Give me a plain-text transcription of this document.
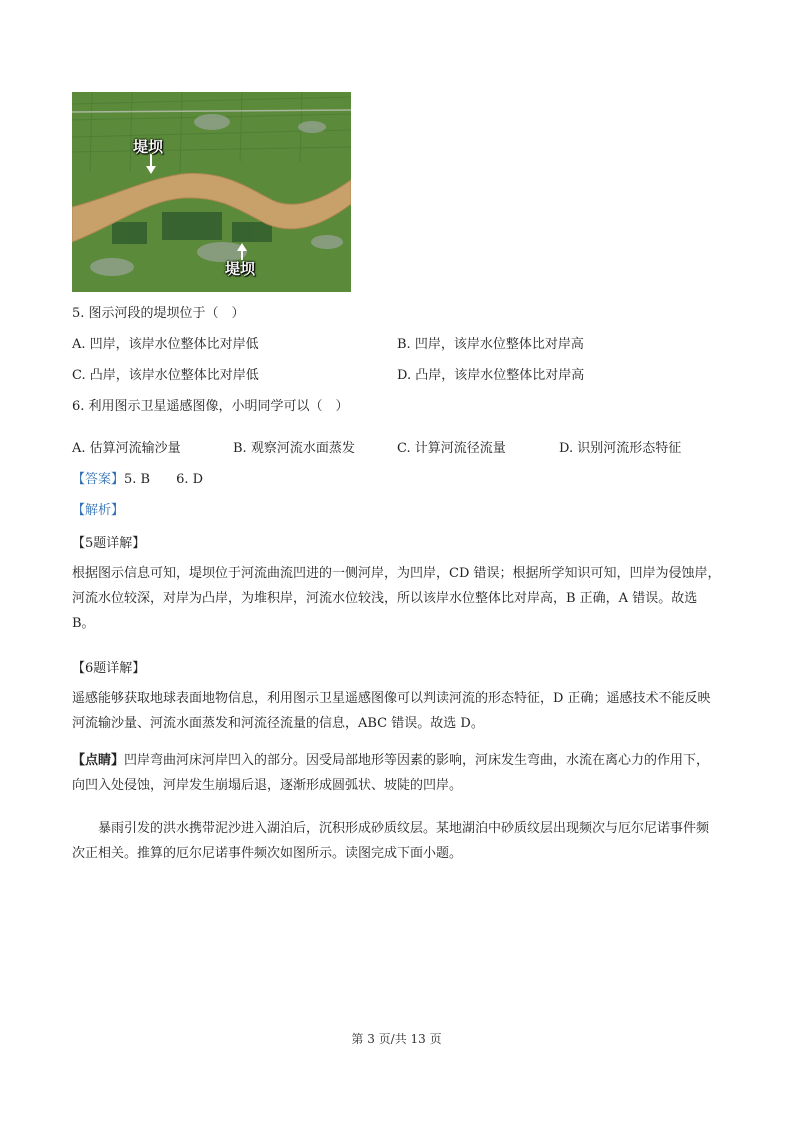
堤坝
堤坝
5. 图示河段的堤坝位于（　）
A. 凹岸，该岸水位整体比对岸低	B. 凹岸，该岸水位整体比对岸高
C. 凸岸，该岸水位整体比对岸低	D. 凸岸，该岸水位整体比对岸高
6. 利用图示卫星遥感图像，小明同学可以（　）
A. 估算河流输沙量	B. 观察河流水面蒸发	C. 计算河流径流量	D. 识别河流形态特征
【答案】5. B　　6. D
【解析】
【5题详解】
根据图示信息可知，堤坝位于河流曲流凹进的一侧河岸，为凹岸，CD 错误；根据所学知识可知，凹岸为侵蚀岸，河流水位较深，对岸为凸岸，为堆积岸，河流水位较浅，所以该岸水位整体比对岸高，B 正确，A 错误。故选 B。
【6题详解】
遥感能够获取地球表面地物信息，利用图示卫星遥感图像可以判读河流的形态特征，D 正确；遥感技术不能反映河流输沙量、河流水面蒸发和河流径流量的信息，ABC 错误。故选 D。
【点睛】凹岸弯曲河床河岸凹入的部分。因受局部地形等因素的影响，河床发生弯曲，水流在离心力的作用下，向凹入处侵蚀，河岸发生崩塌后退，逐渐形成圆弧状、坡陡的凹岸。
暴雨引发的洪水携带泥沙进入湖泊后，沉积形成砂质纹层。某地湖泊中砂质纹层出现频次与厄尔尼诺事件频次正相关。推算的厄尔尼诺事件频次如图所示。读图完成下面小题。
第 3 页/共 13 页
